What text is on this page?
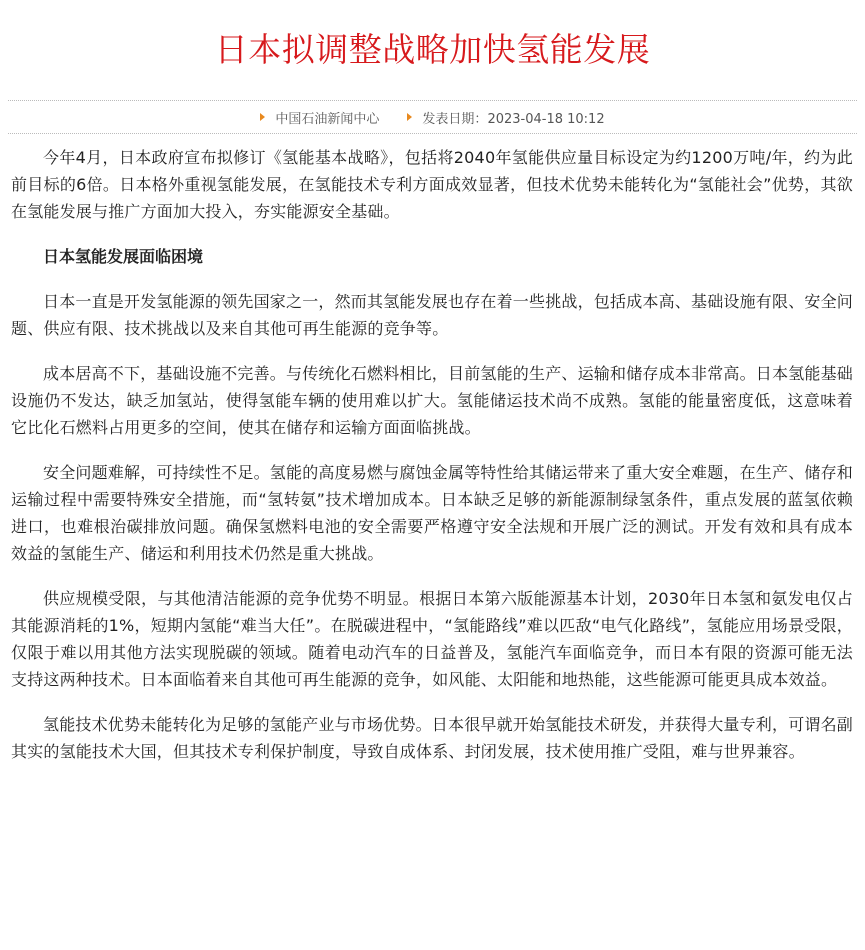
日本拟调整战略加快氢能发展
中国石油新闻中心	发表日期：2023-04-18 10:12

今年4月，日本政府宣布拟修订《氢能基本战略》，包括将2040年氢能供应量目标设定为约1200万吨/年，约为此前目标的6倍。日本格外重视氢能发展，在氢能技术专利方面成效显著，但技术优势未能转化为“氢能社会”优势，其欲在氢能发展与推广方面加大投入，夯实能源安全基础。

日本氢能发展面临困境

日本一直是开发氢能源的领先国家之一，然而其氢能发展也存在着一些挑战，包括成本高、基础设施有限、安全问题、供应有限、技术挑战以及来自其他可再生能源的竞争等。

成本居高不下，基础设施不完善。与传统化石燃料相比，目前氢能的生产、运输和储存成本非常高。日本氢能基础设施仍不发达，缺乏加氢站，使得氢能车辆的使用难以扩大。氢能储运技术尚不成熟。氢能的能量密度低，这意味着它比化石燃料占用更多的空间，使其在储存和运输方面面临挑战。

安全问题难解，可持续性不足。氢能的高度易燃与腐蚀金属等特性给其储运带来了重大安全难题，在生产、储存和运输过程中需要特殊安全措施，而“氢转氨”技术增加成本。日本缺乏足够的新能源制绿氢条件，重点发展的蓝氢依赖进口，也难根治碳排放问题。确保氢燃料电池的安全需要严格遵守安全法规和开展广泛的测试。开发有效和具有成本效益的氢能生产、储运和利用技术仍然是重大挑战。

供应规模受限，与其他清洁能源的竞争优势不明显。根据日本第六版能源基本计划，2030年日本氢和氨发电仅占其能源消耗的1%，短期内氢能“难当大任”。在脱碳进程中，“氢能路线”难以匹敌“电气化路线”，氢能应用场景受限，仅限于难以用其他方法实现脱碳的领域。随着电动汽车的日益普及，氢能汽车面临竞争，而日本有限的资源可能无法支持这两种技术。日本面临着来自其他可再生能源的竞争，如风能、太阳能和地热能，这些能源可能更具成本效益。

氢能技术优势未能转化为足够的氢能产业与市场优势。日本很早就开始氢能技术研发，并获得大量专利，可谓名副其实的氢能技术大国，但其技术专利保护制度，导致自成体系、封闭发展，技术使用推广受阻，难与世界兼容。
